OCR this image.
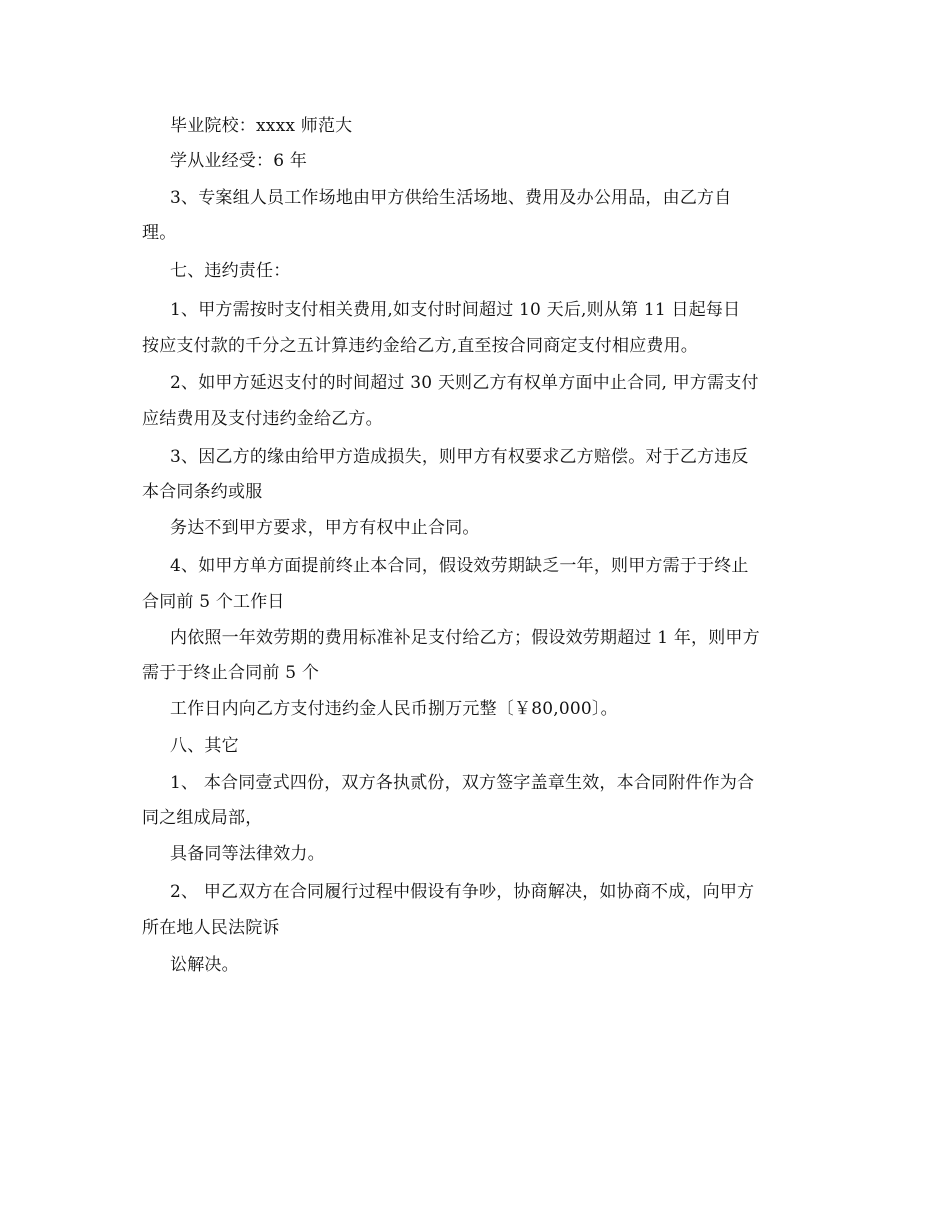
毕业院校：xxxx 师范大
学从业经受：6 年
3、专案组人员工作场地由甲方供给生活场地、费用及办公用品，由乙方自
理。
七、违约责任：
1、甲方需按时支付相关费用,如支付时间超过 10 天后,则从第 11 日起每日
按应支付款的千分之五计算违约金给乙方,直至按合同商定支付相应费用。
2、如甲方延迟支付的时间超过 30 天则乙方有权单方面中止合同, 甲方需支付
应结费用及支付违约金给乙方。
3、因乙方的缘由给甲方造成损失，则甲方有权要求乙方赔偿。对于乙方违反
本合同条约或服
务达不到甲方要求，甲方有权中止合同。
4、如甲方单方面提前终止本合同，假设效劳期缺乏一年，则甲方需于于终止
合同前 5 个工作日
内依照一年效劳期的费用标准补足支付给乙方；假设效劳期超过 1 年，则甲方
需于于终止合同前 5 个
工作日内向乙方支付违约金人民币捌万元整〔￥80,000〕。
八、其它
1、 本合同壹式四份，双方各执贰份，双方签字盖章生效，本合同附件作为合
同之组成局部，
具备同等法律效力。
2、 甲乙双方在合同履行过程中假设有争吵，协商解决，如协商不成，向甲方
所在地人民法院诉
讼解决。
